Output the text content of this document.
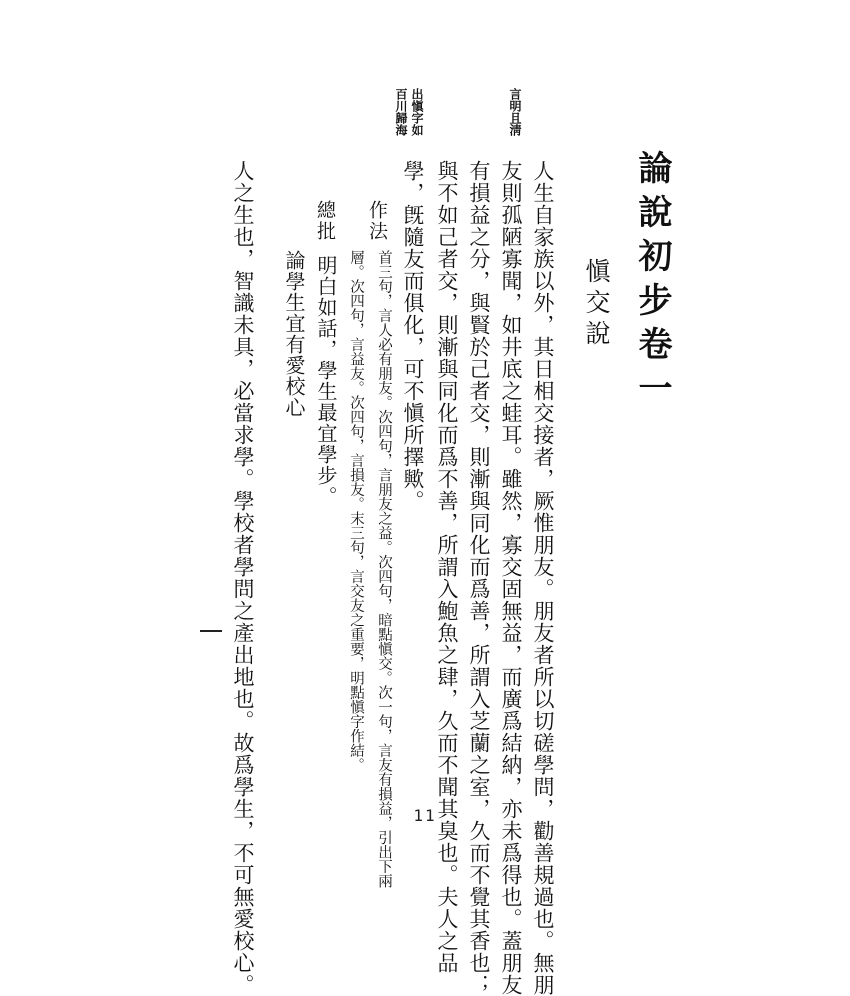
論說初步卷一
愼交說
人生自家族以外，其日相交接者，厥惟朋友。朋友者所以切磋學問，勸善規過也。無朋
友則孤陋寡聞，如井底之蛙耳。雖然，寡交固無益，而廣爲結納，亦未爲得也。蓋朋友
有損益之分，與賢於己者交，則漸與同化而爲善，所謂入芝蘭之室，久而不覺其香也；
與不如己者交，則漸與同化而爲不善，所謂入鮑魚之肆，久而不聞其臭也。夫人之品
學，旣隨友而俱化，可不愼所擇歟。
言明且淸
出愼字如
百川歸海
作法
首三句，言人必有朋友。次四句，言朋友之益。次四句，暗點愼交。次一句，言友有損益，引出下兩
層。次四句，言益友。次四句，言損友。末三句，言交友之重要，明點愼字作結。
總批
明白如話，學生最宜學步。
論學生宜有愛校心
人之生也，智識未具，必當求學。學校者學問之產出地也。故爲學生，不可無愛校心。	11
